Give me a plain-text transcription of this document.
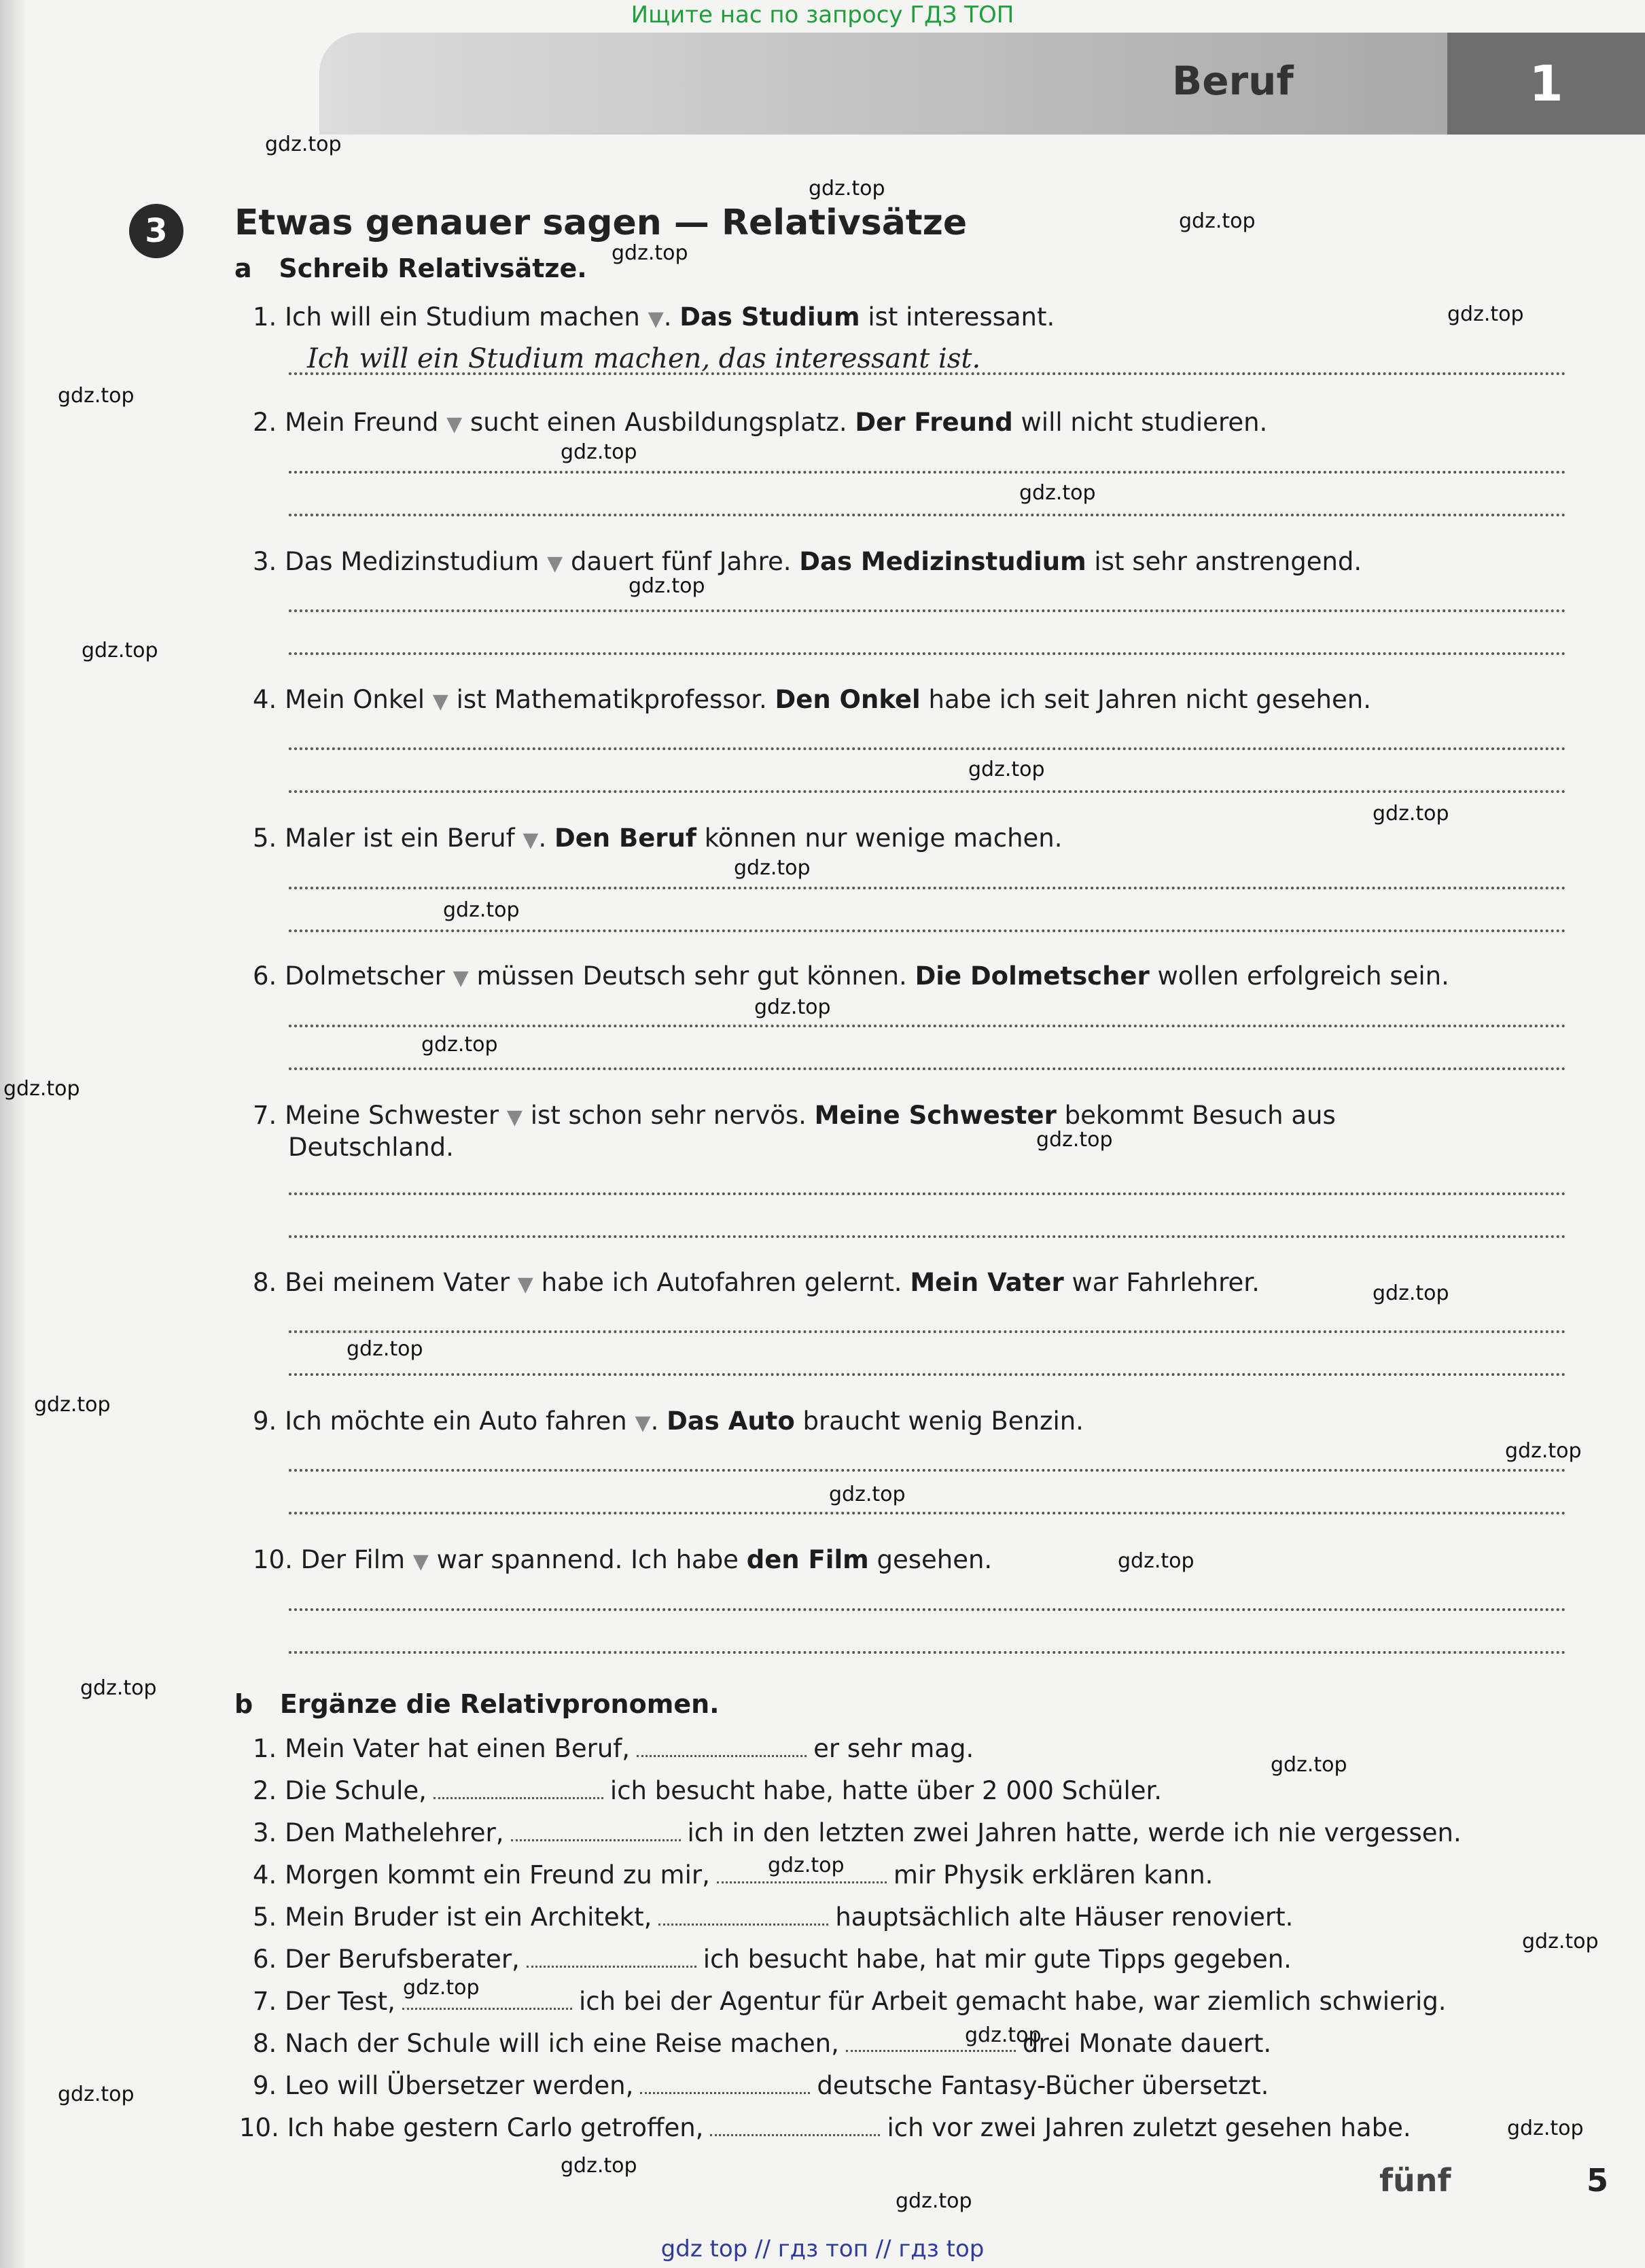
Ищите нас по запросу ГДЗ ТОП
Beruf	1
3	Etwas genauer sagen — Relativsätze
a Schreib Relativsätze.
1. Ich will ein Studium machen ▼. Das Studium ist interessant.
Ich will ein Studium machen, das interessant ist.
2. Mein Freund ▼ sucht einen Ausbildungsplatz. Der Freund will nicht studieren.
3. Das Medizinstudium ▼ dauert fünf Jahre. Das Medizinstudium ist sehr anstrengend.
4. Mein Onkel ▼ ist Mathematikprofessor. Den Onkel habe ich seit Jahren nicht gesehen.
5. Maler ist ein Beruf ▼. Den Beruf können nur wenige machen.
6. Dolmetscher ▼ müssen Deutsch sehr gut können. Die Dolmetscher wollen erfolgreich sein.
7. Meine Schwester ▼ ist schon sehr nervös. Meine Schwester bekommt Besuch aus
Deutschland.
8. Bei meinem Vater ▼ habe ich Autofahren gelernt. Mein Vater war Fahrlehrer.
9. Ich möchte ein Auto fahren ▼. Das Auto braucht wenig Benzin.
10. Der Film ▼ war spannend. Ich habe den Film gesehen.
b Ergänze die Relativpronomen.
1. Mein Vater hat einen Beruf,	er sehr mag.
2. Die Schule,	ich besucht habe, hatte über 2 000 Schüler.
3. Den Mathelehrer,	ich in den letzten zwei Jahren hatte, werde ich nie vergessen.
4. Morgen kommt ein Freund zu mir,	mir Physik erklären kann.
5. Mein Bruder ist ein Architekt,	hauptsächlich alte Häuser renoviert.
6. Der Berufsberater,	ich besucht habe, hat mir gute Tipps gegeben.
7. Der Test,	ich bei der Agentur für Arbeit gemacht habe, war ziemlich schwierig.
8. Nach der Schule will ich eine Reise machen,	drei Monate dauert.
9. Leo will Übersetzer werden,	deutsche Fantasy-Bücher übersetzt.
10. Ich habe gestern Carlo getroffen,	ich vor zwei Jahren zuletzt gesehen habe.
fünf	5
gdz.top
gdz.top
gdz.top
gdz.top
gdz.top
gdz.top
gdz.top
gdz.top
gdz.top
gdz.top
gdz.top
gdz.top
gdz.top
gdz.top
gdz.top
gdz.top
gdz.top
gdz.top
gdz.top
gdz.top
gdz.top
gdz.top
gdz.top
gdz.top
gdz.top
gdz.top
gdz.top
gdz.top
gdz.top
gdz.top
gdz.top
gdz.top
gdz.top
gdz.top
gdz top // гдз топ // гдз top
